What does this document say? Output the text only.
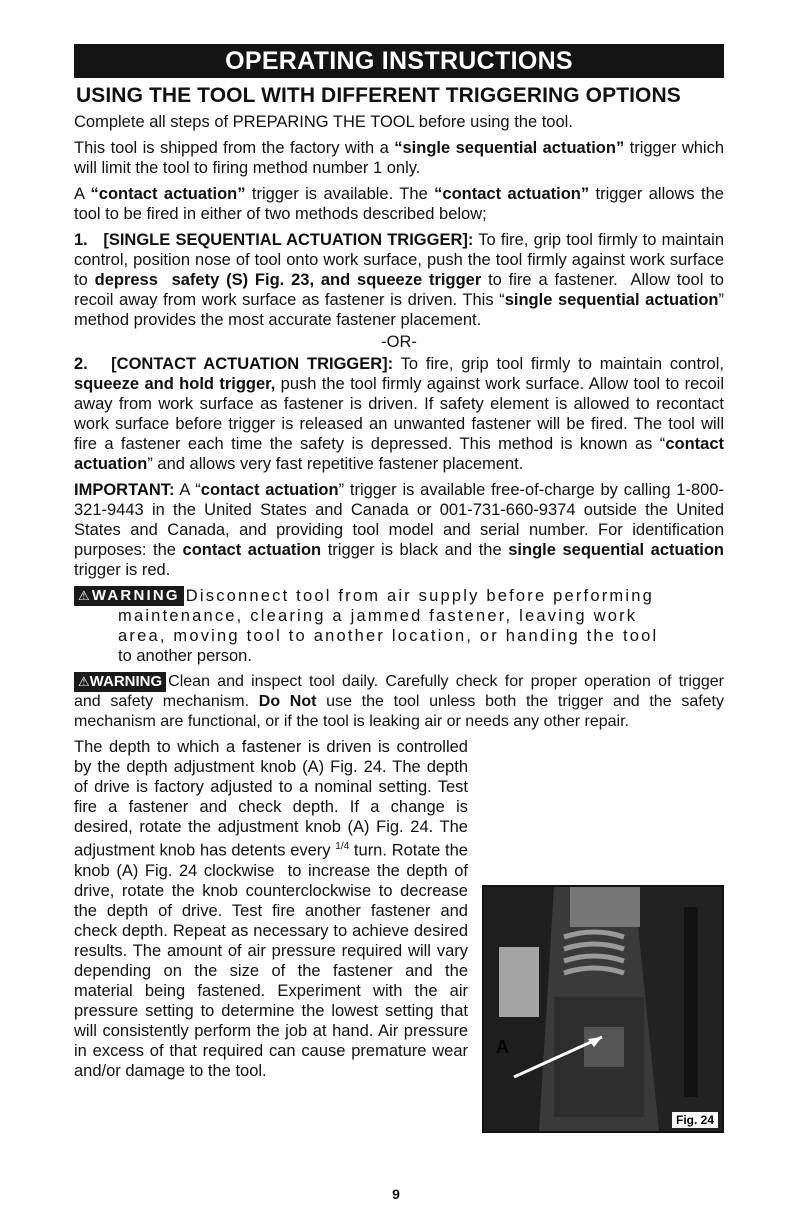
OPERATING INSTRUCTIONS
USING THE TOOL WITH DIFFERENT TRIGGERING OPTIONS

Complete all steps of PREPARING THE TOOL before using the tool.

This tool is shipped from the factory with a “single sequential actuation” trigger which will limit the tool to firing method number 1 only.

A “contact actuation” trigger is available. The “contact actuation” trigger allows the tool to be fired in either of two methods described below;

1.   [SINGLE SEQUENTIAL ACTUATION TRIGGER]: To fire, grip tool firmly to maintain control, position nose of tool onto work surface, push the tool firmly against work surface to depress  safety (S) Fig. 23, and squeeze trigger to fire a fastener.  Allow tool to recoil away from work surface as fastener is driven. This “single sequential actuation” method provides the most accurate fastener placement.

-OR-

2.   [CONTACT ACTUATION TRIGGER]: To fire, grip tool firmly to maintain control, squeeze and hold trigger, push the tool firmly against work surface. Allow tool to recoil away from work surface as fastener is driven. If safety element is allowed to recontact work surface before trigger is released an unwanted fastener will be fired. The tool will fire a fastener each time the safety is depressed. This method is known as “contact actuation” and allows very fast repetitive fastener placement.

IMPORTANT: A “contact actuation” trigger is available free-of-charge by calling 1-800-321-9443 in the United States and Canada or 001-731-660-9374 outside the United States and Canada, and providing tool model and serial number. For identification purposes: the contact actuation trigger is black and the single sequential actuation trigger is red.

⚠WARNING Disconnect tool from air supply before performing
maintenance, clearing a jammed fastener, leaving work
area, moving tool to another location, or handing the tool
to another person.
⚠WARNING Clean and inspect tool daily. Carefully check for proper operation of trigger and safety mechanism. Do Not use the tool unless both the trigger and the safety mechanism are functional, or if the tool is leaking air or needs any other repair.
A
Fig. 24

The depth to which a fastener is driven is controlled by the depth adjustment knob (A) Fig. 24. The depth of drive is factory adjusted to a nominal setting. Test fire a fastener and check depth. If a change is desired, rotate the adjustment knob (A) Fig. 24. The adjustment knob has detents every $^{1/4}$ turn. Rotate the knob (A) Fig. 24 clockwise  to increase the depth of drive, rotate the knob counterclockwise to decrease the depth of drive. Test fire another fastener and check depth. Repeat as necessary to achieve desired results. The amount of air pressure required will vary depending on the size of the fastener and the material being fastened. Experiment with the air pressure setting to determine the lowest setting that will consistently perform the job at hand. Air pressure in excess of that required can cause premature wear and/or damage to the tool.

9
